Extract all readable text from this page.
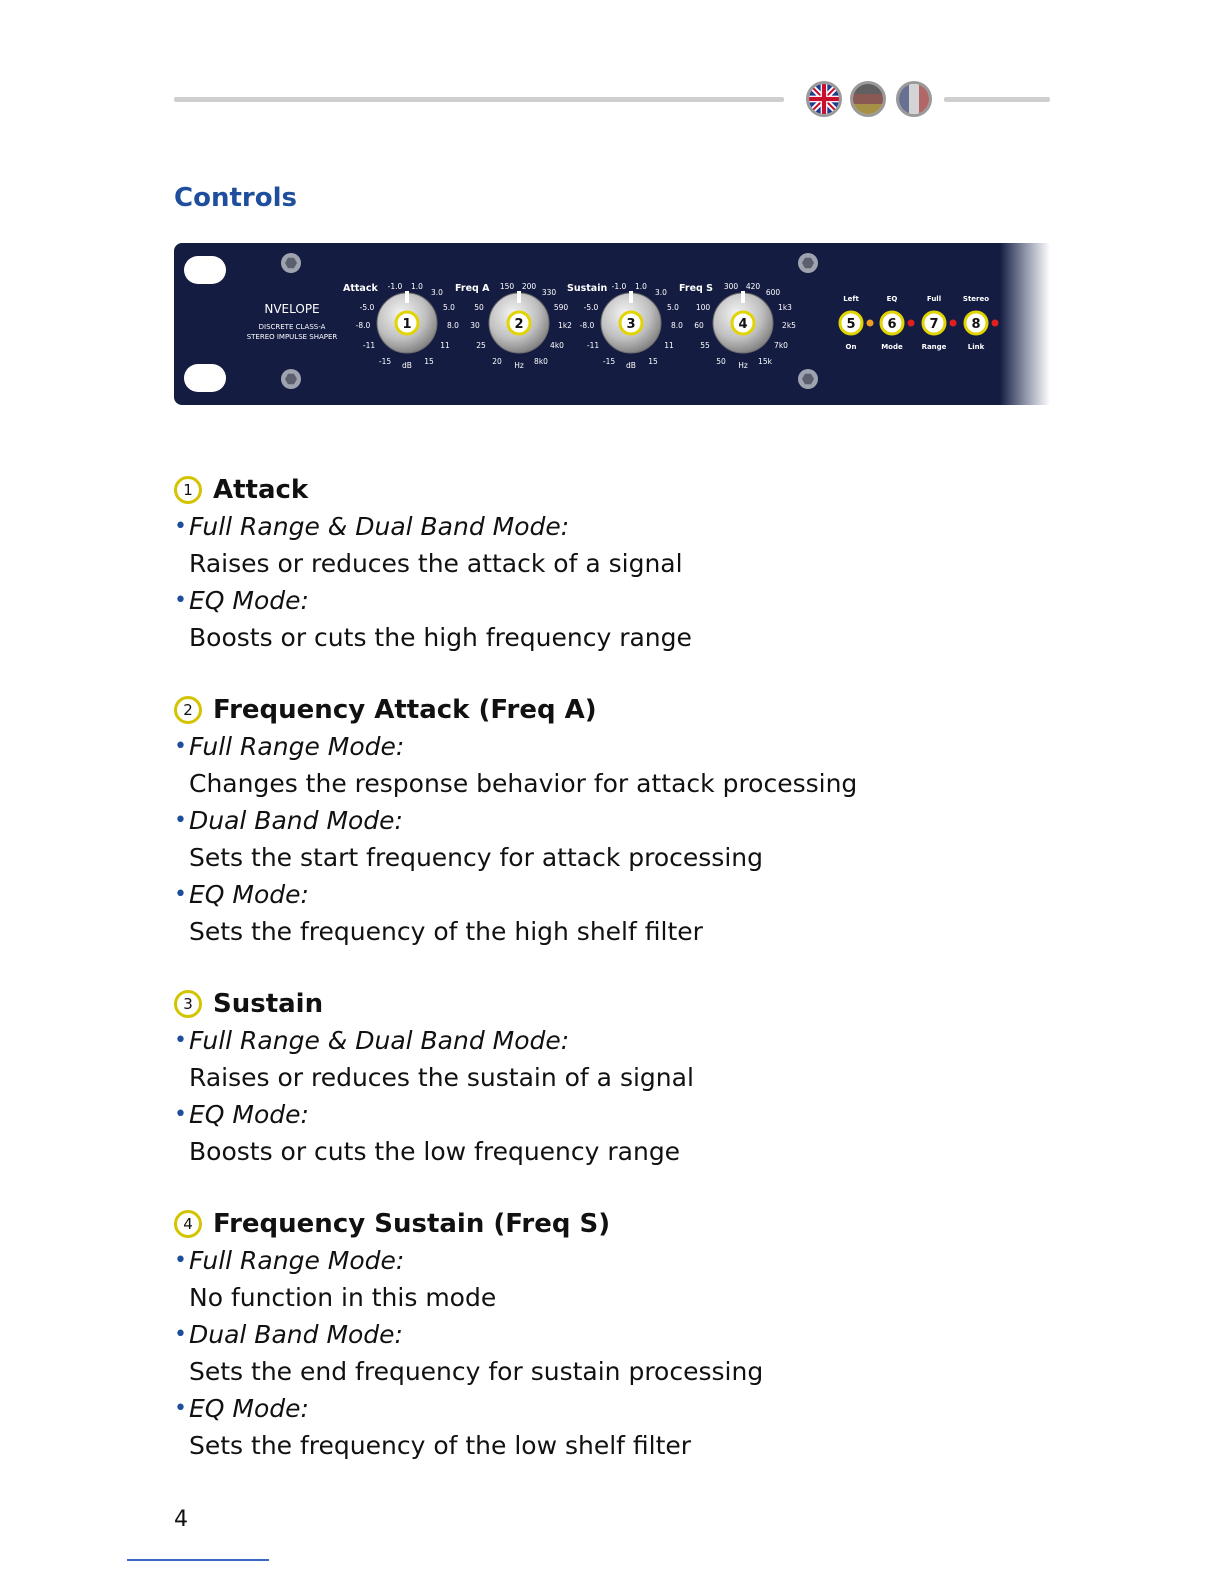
Controls
NVELOPE
DISCRETE CLASS-A
STEREO IMPULSE SHAPER
Attack -1.0 1.0
3.0
5.0
8.0
11
15
-15
-11
-8.0
-5.0
dB
1
Freq A 150 200
330
590
1k2
4k0
8k0
20
25
30
50
Hz
2
Sustain -1.0 1.0
3.0
5.0
8.0
11
15
-15
-11
-8.0
-5.0
dB
3
Freq S 300 420
600
1k3
2k5
7k0
15k
50
55
60
100
Hz
4
Left
5
On
EQ
6
Mode
Full
7
Range
Stereo
8
Link
1 Attack
• Full Range & Dual Band Mode:
Raises or reduces the attack of a signal
• EQ Mode:
Boosts or cuts the high frequency range
2 Frequency Attack (Freq A)
• Full Range Mode:
Changes the response behavior for attack processing
• Dual Band Mode:
Sets the start frequency for attack processing
• EQ Mode:
Sets the frequency of the high shelf filter
3 Sustain
• Full Range & Dual Band Mode:
Raises or reduces the sustain of a signal
• EQ Mode:
Boosts or cuts the low frequency range
4 Frequency Sustain (Freq S)
• Full Range Mode:
No function in this mode
• Dual Band Mode:
Sets the end frequency for sustain processing
• EQ Mode:
Sets the frequency of the low shelf filter
4
